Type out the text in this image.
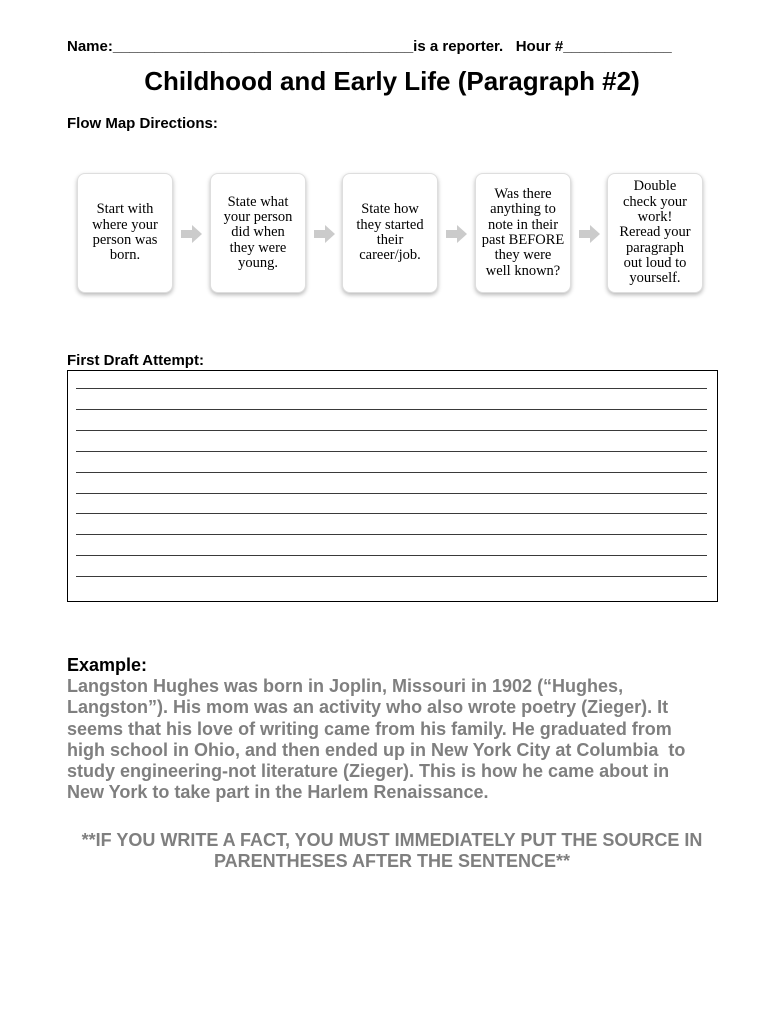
Name:____________________________________is a reporter.   Hour #_____________
Childhood and Early Life (Paragraph #2)
Flow Map Directions:
Start with
where your
person was
born.
State what
your person
did when
they were
young.
State how
they started
their
career/job.
Was there
anything to
note in their
past BEFORE
they were
well known?
Double
check your
work!
Reread your
paragraph
out loud to
yourself.
First Draft Attempt:
Example:
Langston Hughes was born in Joplin, Missouri in 1902 (“Hughes,
Langston”). His mom was an activity who also wrote poetry (Zieger). It
seems that his love of writing came from his family. He graduated from
high school in Ohio, and then ended up in New York City at Columbia  to
study engineering-not literature (Zieger). This is how he came about in
New York to take part in the Harlem Renaissance.
**IF YOU WRITE A FACT, YOU MUST IMMEDIATELY PUT THE SOURCE IN
PARENTHESES AFTER THE SENTENCE**
